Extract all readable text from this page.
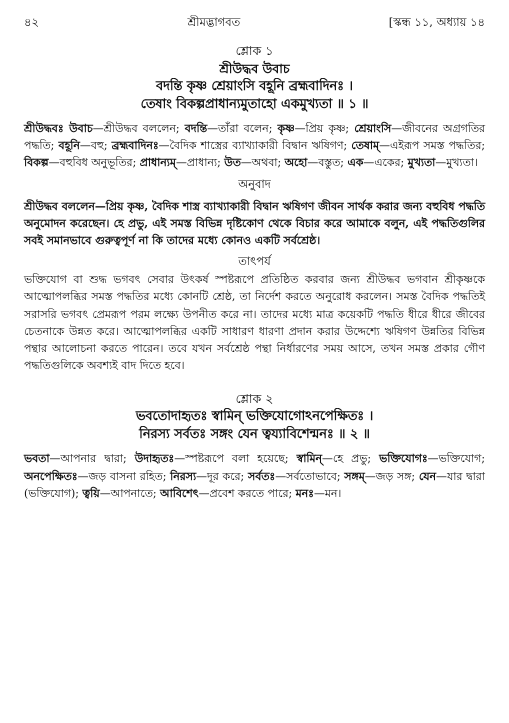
৪২	শ্রীমদ্ভাগবত	[স্কন্ধ ১১, অধ্যায় ১৪
শ্লোক ১
শ্রীউদ্ধব উবাচ
বদন্তি কৃষ্ণ শ্রেয়াংসি বহূনি ব্রহ্মবাদিনঃ ।
তেষাং বিকল্পপ্রাধান্যমুতাহো একমুখ্যতা ॥ ১ ॥
শ্রীউদ্ধবঃ উবাচ—শ্রীউদ্ধব বললেন; বদন্তি—তাঁরা বলেন; কৃষ্ণ—প্রিয় কৃষ্ণ; শ্রেয়াংসি—জীবনের অগ্রগতির পদ্ধতি; বহূনি—বহু; ব্রহ্মবাদিনঃ—বৈদিক শাস্ত্রের ব্যাখ্যাকারী বিদ্বান ঋষিগণ; তেষাম্—এইরূপ সমস্ত পদ্ধতির; বিকল্প—বহুবিধ অনুভূতির; প্রাধান্যম্—প্রাধান্য; উত—অথবা; অহো—বস্তুত; এক—একের; মুখ্যতা—মুখ্যতা।
অনুবাদ
শ্রীউদ্ধব বললেন—প্রিয় কৃষ্ণ, বৈদিক শাস্ত্র ব্যাখ্যাকারী বিদ্বান ঋষিগণ জীবন সার্থক করার জন্য বহুবিধ পদ্ধতি অনুমোদন করেছেন। হে প্রভু, এই সমস্ত বিভিন্ন দৃষ্টিকোণ থেকে বিচার করে আমাকে বলুন, এই পদ্ধতিগুলির সবই সমানভাবে গুরুত্বপূর্ণ না কি তাদের মধ্যে কোনও একটি সর্বশ্রেষ্ঠ।
তাৎপর্য
ভক্তিযোগ বা শুদ্ধ ভগবৎ সেবার উৎকর্ষ স্পষ্টরূপে প্রতিষ্ঠিত করবার জন্য শ্রীউদ্ধব ভগবান শ্রীকৃষ্ণকে আত্মোপলব্ধির সমস্ত পদ্ধতির মধ্যে কোনটি শ্রেষ্ঠ, তা নির্দেশ করতে অনুরোধ করলেন। সমস্ত বৈদিক পদ্ধতিই সরাসরি ভগবৎ প্রেমরূপ পরম লক্ষ্যে উপনীত করে না। তাদের মধ্যে মাত্র কয়েকটি পদ্ধতি ধীরে ধীরে জীবের চেতনাকে উন্নত করে। আত্মোপলব্ধির একটি সাধারণ ধারণা প্রদান করার উদ্দেশ্যে ঋষিগণ উন্নতির বিভিন্ন পন্থার আলোচনা করতে পারেন। তবে যখন সর্বশ্রেষ্ঠ পন্থা নির্ধারণের সময় আসে, তখন সমস্ত প্রকার গৌণ পদ্ধতিগুলিকে অবশ্যই বাদ দিতে হবে।
শ্লোক ২
ভবতোদাহৃতঃ স্বামিন্ ভক্তিযোগোঽনপেক্ষিতঃ ।
নিরস্য সর্বতঃ সঙ্গং যেন ত্বয্যাবিশেন্মনঃ ॥ ২ ॥
ভবতা—আপনার দ্বারা; উদাহৃতঃ—স্পষ্টরূপে বলা হয়েছে; স্বামিন্—হে প্রভু; ভক্তিযোগঃ—ভক্তিযোগ; অনপেক্ষিতঃ—জড় বাসনা রহিত; নিরস্য—দূর করে; সর্বতঃ—সর্বতোভাবে; সঙ্গম্—জড় সঙ্গ; যেন—যার দ্বারা (ভক্তিযোগ); ত্বয়ি—আপনাতে; আবিশেৎ—প্রবেশ করতে পারে; মনঃ—মন।
